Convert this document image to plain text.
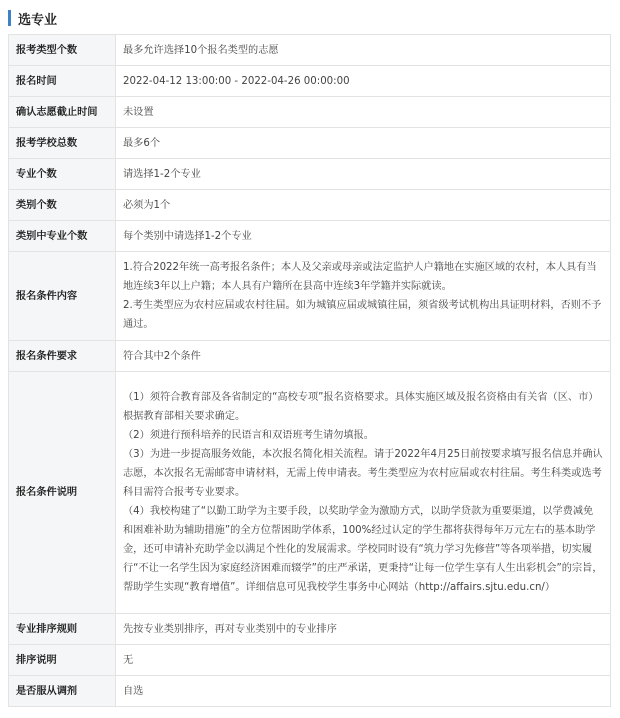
选专业
报考类型个数	最多允许选择10个报名类型的志愿
报名时间	2022-04-12 13:00:00 - 2022-04-26 00:00:00
确认志愿截止时间	未设置
报考学校总数	最多6个
专业个数	请选择1-2个专业
类别个数	必须为1个
类别中专业个数	每个类别中请选择1-2个专业
报名条件内容	1.符合2022年统一高考报名条件；本人及父亲或母亲或法定监护人户籍地在实施区域的农村，本人具有当地连续3年以上户籍；本人具有户籍所在县高中连续3年学籍并实际就读。

2.考生类型应为农村应届或农村往届。如为城镇应届或城镇往届，须省级考试机构出具证明材料，否则不予通过。

报名条件要求	符合其中2个条件
报名条件说明	（1）须符合教育部及各省制定的“高校专项”报名资格要求。具体实施区域及报名资格由有关省（区、市）根据教育部相关要求确定。

（2）须进行预科培养的民语言和双语班考生请勿填报。

（3）为进一步提高服务效能，本次报名简化相关流程。请于2022年4月25日前按要求填写报名信息并确认志愿，本次报名无需邮寄申请材料，无需上传申请表。考生类型应为农村应届或农村往届。考生科类或选考科目需符合报考专业要求。

（4）我校构建了“以勤工助学为主要手段，以奖助学金为激励方式，以助学贷款为重要渠道，以学费减免和困难补助为辅助措施”的全方位帮困助学体系，100%经过认定的学生都将获得每年万元左右的基本助学金，还可申请补充助学金以满足个性化的发展需求。学校同时设有“筑力学习先修营”等各项举措，切实履行“不让一名学生因为家庭经济困难而辍学”的庄严承诺，更秉持“让每一位学生享有人生出彩机会”的宗旨，帮助学生实现“教育增值”。详细信息可见我校学生事务中心网站（http://affairs.sjtu.edu.cn/）

专业排序规则	先按专业类别排序，再对专业类别中的专业排序
排序说明	无
是否服从调剂	自选
